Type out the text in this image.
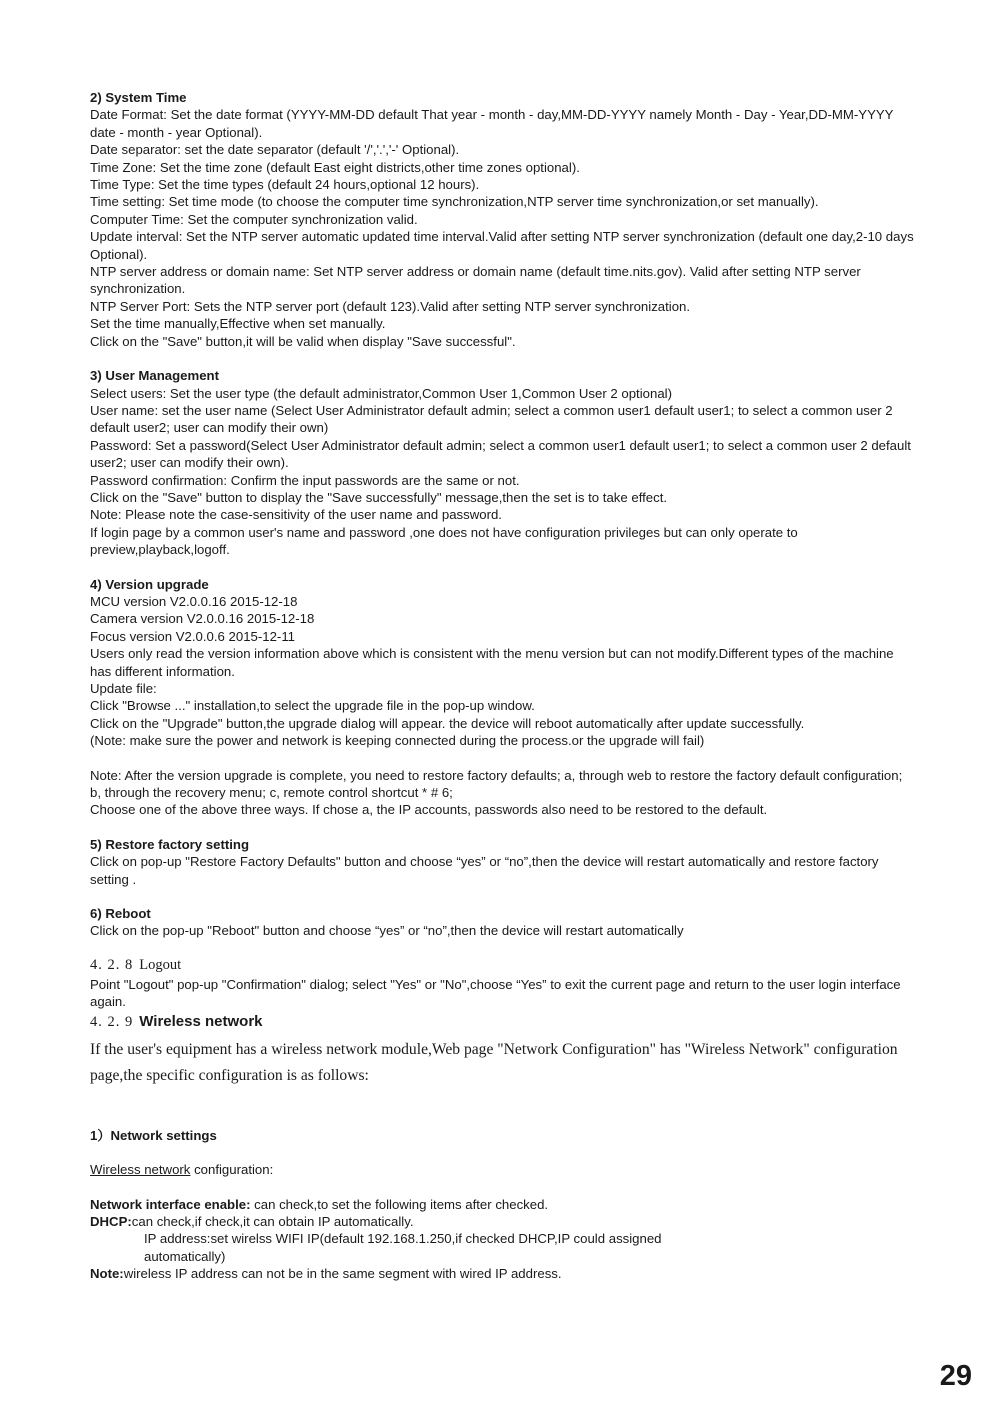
2) System Time

Date Format: Set the date format (YYYY-MM-DD default That year - month - day,MM-DD-YYYY namely Month - Day - Year,DD-MM-YYYY date - month - year Optional).

Date separator: set the date separator (default '/','.','-' Optional).

Time Zone: Set the time zone (default East eight districts,other time zones optional).

Time Type: Set the time types (default 24 hours,optional 12 hours).

Time setting: Set time mode (to choose the computer time synchronization,NTP server time synchronization,or set manually).

Computer Time: Set the computer synchronization valid.

Update interval: Set the NTP server automatic updated time interval.Valid after setting NTP server synchronization (default one day,2-10 days Optional).

NTP server address or domain name: Set NTP server address or domain name (default time.nits.gov). Valid after setting NTP server synchronization.

NTP Server Port: Sets the NTP server port (default 123).Valid after setting NTP server synchronization.

Set the time manually,Effective when set manually.

Click on the "Save" button,it will be valid when display "Save successful".

3) User Management

Select users: Set the user type (the default administrator,Common User 1,Common User 2 optional)

User name: set the user name (Select User Administrator default admin; select a common user1 default user1; to select a common user 2 default user2; user can modify their own)

Password: Set a password(Select User Administrator default admin; select a common user1 default user1; to select a common user 2 default user2; user can modify their own).

Password confirmation: Confirm the input passwords are the same or not.

Click on the "Save" button to display the "Save successfully" message,then the set is to take effect.

Note: Please note the case-sensitivity of the user name and password.

If login page by a common user's name and password ,one does not have configuration privileges but can only operate to preview,playback,logoff.

4) Version upgrade

MCU version V2.0.0.16 2015-12-18

Camera version V2.0.0.16 2015-12-18

Focus version V2.0.0.6 2015-12-11

Users only read the version information above which is consistent with the menu version but can not modify.Different types of the machine has different information.

Update file:

Click "Browse ..." installation,to select the upgrade file in the pop-up window.

Click on the "Upgrade" button,the upgrade dialog will appear. the device will reboot automatically after update successfully.

(Note: make sure the power and network is keeping connected during the process.or the upgrade will fail)

Note: After the version upgrade is complete, you need to restore factory defaults; a, through web to restore the factory default configuration; b, through the recovery menu; c, remote control shortcut * # 6;

Choose one of the above three ways. If chose a, the IP accounts, passwords also need to be restored to the default.

5) Restore factory setting

Click on pop-up "Restore Factory Defaults" button and choose “yes” or “no”,then the device will restart automatically and restore factory setting .

6) Reboot

Click on the pop-up "Reboot" button and choose “yes” or “no”,then the device will restart automatically

4. 2. 8 Logout

Point "Logout" pop-up "Confirmation" dialog; select "Yes" or "No",choose “Yes” to exit the current page and return to the user login interface again.

4. 2. 9 Wireless network

If the user's equipment has a wireless network module,Web page "Network Configuration" has "Wireless Network" configuration page,the specific configuration is as follows:

1）Network settings

Wireless network configuration:

Network interface enable: can check,to set the following items after checked.

DHCP:can check,if check,it can obtain IP automatically.

IP address:set wirelss WIFI IP(default 192.168.1.250,if checked DHCP,IP could assigned automatically)

Note:wireless IP address can not be in the same segment with wired IP address.

29
